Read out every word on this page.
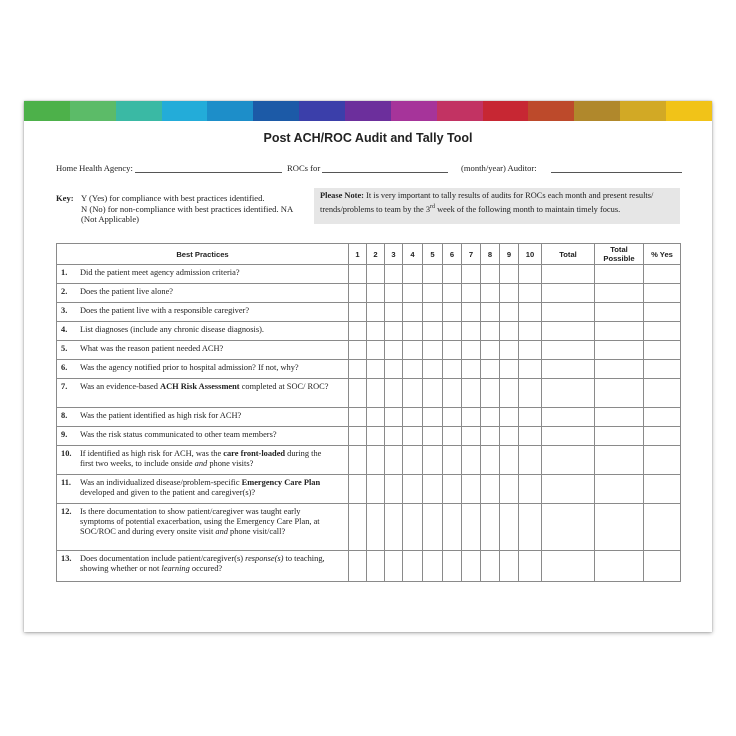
Post ACH/ROC Audit and Tally Tool
Home Health Agency:	ROCs for	(month/year) Auditor:
Key: Y (Yes) for compliance with best practices identified.
N (No) for non-compliance with best practices identified. NA
(Not Applicable)
Please Note: It is very important to tally results of audits for ROCs each month and present results/ trends/problems to team by the 3rd week of the following month to maintain timely focus.
Best Practices	1	2	3	4	5	6	7	8	9	10	Total	Total Possible	% Yes
1. Did the patient meet agency admission criteria?													
2. Does the patient live alone?													
3. Does the patient live with a responsible caregiver?													
4. List diagnoses (include any chronic disease diagnosis).													
5. What was the reason patient needed ACH?													
6. Was the agency notified prior to hospital admission? If not, why?													
7. Was an evidence-based ACH Risk Assessment completed at SOC/ ROC?													
8. Was the patient identified as high risk for ACH?													
9. Was the risk status communicated to other team members?													
10. If identified as high risk for ACH, was the care front-loaded during the first two weeks, to include onside and phone visits?													
11. Was an individualized disease/problem-specific Emergency Care Plan developed and given to the patient and caregiver(s)?													
12. Is there documentation to show patient/caregiver was taught early symptoms of potential exacerbation, using the Emergency Care Plan, at SOC/ROC and during every onsite visit and phone visit/call?													
13. Does documentation include patient/caregiver(s) response(s) to teaching, showing whether or not learning occured?													
